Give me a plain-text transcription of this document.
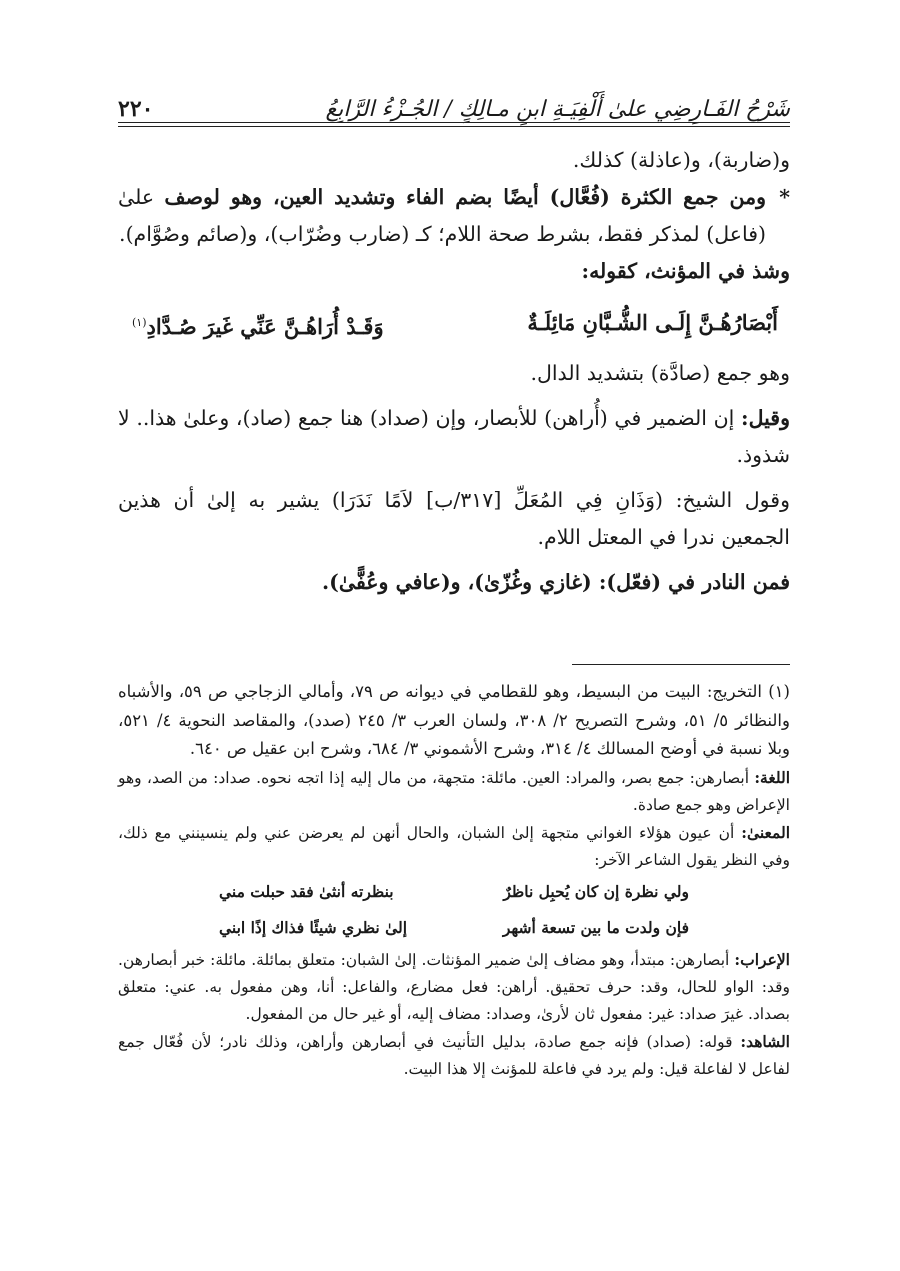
شَرْحُ الفَـارِضِي علىٰ أَلْفِيَـةِ ابنِ مـالِكٍ / الجُـزْءُ الرَّابِعُ
٢٢٠

و(ضاربة)، و(عاذلة) كذلك.

*

ومن جمع الكثرة (فُعَّال) أيضًا بضم الفاء وتشديد العين، وهو لوصف علىٰ (فاعل) لمذكر فقط، بشرط صحة اللام؛ كـ (ضارب وضُرّاب)، و(صائم وصُوَّام).

وشذ في المؤنث، كقوله:

أَبْصَارُهُـنَّ إِلَـى الشُّـبَّانِ مَائِلَـةٌ
وَقَـدْ أُرَاهُـنَّ عَنِّي غَيرَ صُـدَّادِ$^{(١)}$

وهو جمع (صادَّة) بتشديد الدال.

وقيل: إن الضمير في (أُراهن) للأبصار، وإن (صداد) هنا جمع (صاد)، وعلىٰ هذا.. لا شذوذ.

وقول الشيخ: (وَذَانِ فِي المُعَلِّ [٣١٧/ب] لاَمًا نَدَرَا) يشير به إلىٰ أن هذين الجمعين ندرا في المعتل اللام.

فمن النادر في (فعّل): (غازي وغُزّىٰ)، و(عافي وعُفًّىٰ).

(١) التخريج: البيت من البسيط، وهو للقطامي في ديوانه ص ٧٩، وأمالي الزجاجي ص ٥٩، والأشباه والنظائر ٥/ ٥١، وشرح التصريح ٢/ ٣٠٨، ولسان العرب ٣/ ٢٤٥ (صدد)، والمقاصد النحوية ٤/ ٥٢١، وبلا نسبة في أوضح المسالك ٤/ ٣١٤، وشرح الأشموني ٣/ ٦٨٤، وشرح ابن عقيل ص ٦٤٠.

اللغة: أبصارهن: جمع بصر، والمراد: العين. مائلة: متجهة، من مال إليه إذا اتجه نحوه. صداد: من الصد، وهو الإعراض وهو جمع صادة.

المعنىٰ: أن عيون هؤلاء الغواني متجهة إلىٰ الشبان، والحال أنهن لم يعرضن عني ولم ينسينني مع ذلك، وفي النظر يقول الشاعر الآخر:

ولي نظرة إن كان يُحبِل ناظرٌ
بنظرته أنثىٰ فقد حبلت مني
فإن ولدت ما بين تسعة أشهر
إلىٰ نظري شيئًا فذاك إذًا ابني

الإعراب: أبصارهن: مبتدأ، وهو مضاف إلىٰ ضمير المؤنثات. إلىٰ الشبان: متعلق بمائلة. مائلة: خبر أبصارهن. وقد: الواو للحال، وقد: حرف تحقيق. أراهن: فعل مضارع، والفاعل: أنا، وهن مفعول به. عني: متعلق بصداد. غيرَ صداد: غير: مفعول ثان لأرىٰ، وصداد: مضاف إليه، أو غير حال من المفعول.

الشاهد: قوله: (صداد) فإنه جمع صادة، بدليل التأنيث في أبصارهن وأراهن، وذلك نادر؛ لأن فُعّال جمع لفاعل لا لفاعلة قيل: ولم يرد في فاعلة للمؤنث إلا هذا البيت.
